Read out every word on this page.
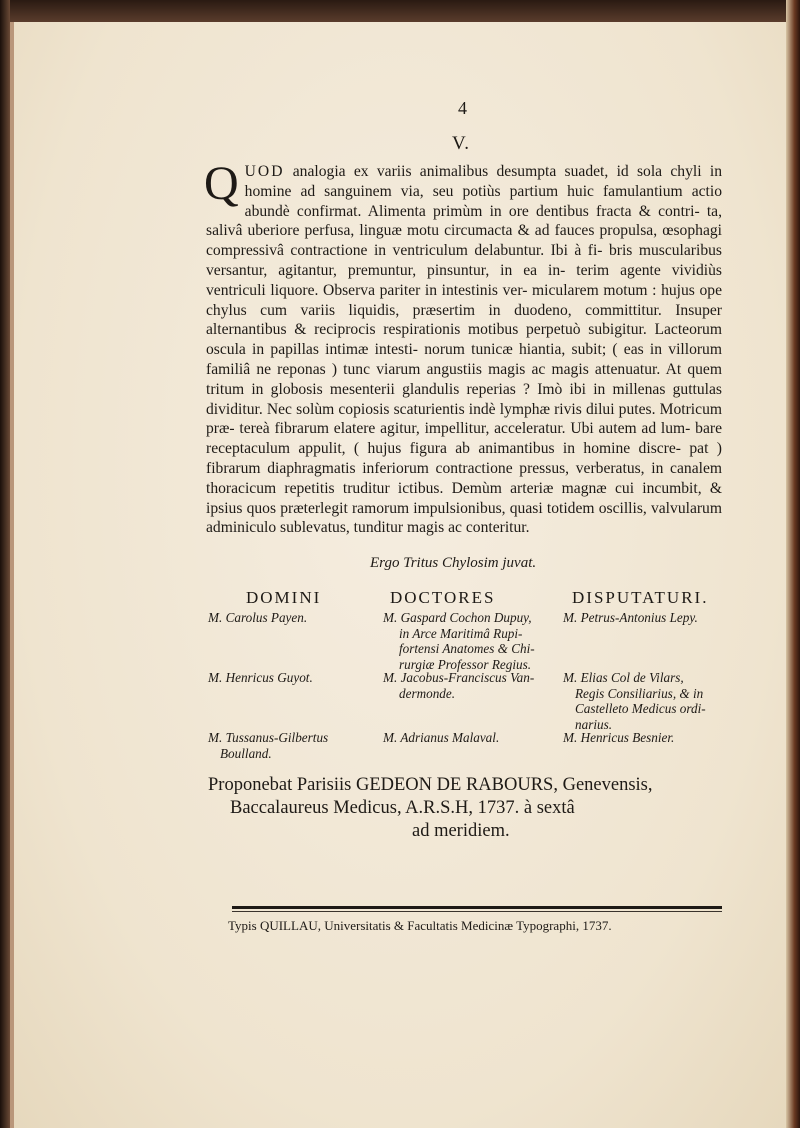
4
V.
Q UOD analogia ex variis animalibus desumpta suadet, id sola chyli in homine ad sanguinem via, seu potiùs partium huic famulantium actio abundè confirmat. Alimenta primùm in ore dentibus fracta & contri- ta, salivâ uberiore perfusa, linguæ motu circumacta & ad fauces propulsa, œsophagi compressivâ contractione in ventriculum delabuntur. Ibi à fi- bris muscularibus versantur, agitantur, premuntur, pinsuntur, in ea in- terim agente vividiùs ventriculi liquore. Observa pariter in intestinis ver- micularem motum : hujus ope chylus cum variis liquidis, præsertim in duodeno, committitur. Insuper alternantibus & reciprocis respirationis motibus perpetuò subigitur. Lacteorum oscula in papillas intimæ intesti- norum tunicæ hiantia, subit; ( eas in villorum familiâ ne reponas ) tunc viarum angustiis magis ac magis attenuatur. At quem tritum in globosis mesenterii glandulis reperias ? Imò ibi in millenas guttulas dividitur. Nec solùm copiosis scaturientis indè lymphæ rivis dilui putes. Motricum præ- tereà fibrarum elatere agitur, impellitur, acceleratur. Ubi autem ad lum- bare receptaculum appulit, ( hujus figura ab animantibus in homine discre- pat ) fibrarum diaphragmatis inferiorum contractione pressus, verberatus, in canalem thoracicum repetitis truditur ictibus. Demùm arteriæ magnæ cui incumbit, & ipsius quos præterlegit ramorum impulsionibus, quasi totidem oscillis, valvularum adminiculo sublevatus, tunditur magis ac conteritur.
Ergo Tritus Chylosim juvat.
DOMINI	DOCTORES	DISPUTATURI.
M. Carolus Payen.
M. Henricus Guyot.
M. Tussanus-Gilbertus
Boulland.
M. Gaspard Cochon Dupuy,
in Arce Maritimâ Rupi-
fortensi Anatomes & Chi-
rurgiæ Professor Regius.
M. Jacobus-Franciscus Van-
dermonde.
M. Adrianus Malaval.
M. Petrus-Antonius Lepy.
M. Elias Col de Vilars,
Regis Consiliarius, & in
Castelleto Medicus ordi-
narius.
M. Henricus Besnier.
Proponebat Parisiis GEDEON DE RABOURS, Genevensis,
Baccalaureus Medicus, A.R.S.H, 1737. à sextâ
ad meridiem.
Typis QUILLAU, Universitatis & Facultatis Medicinæ Typographi, 1737.
